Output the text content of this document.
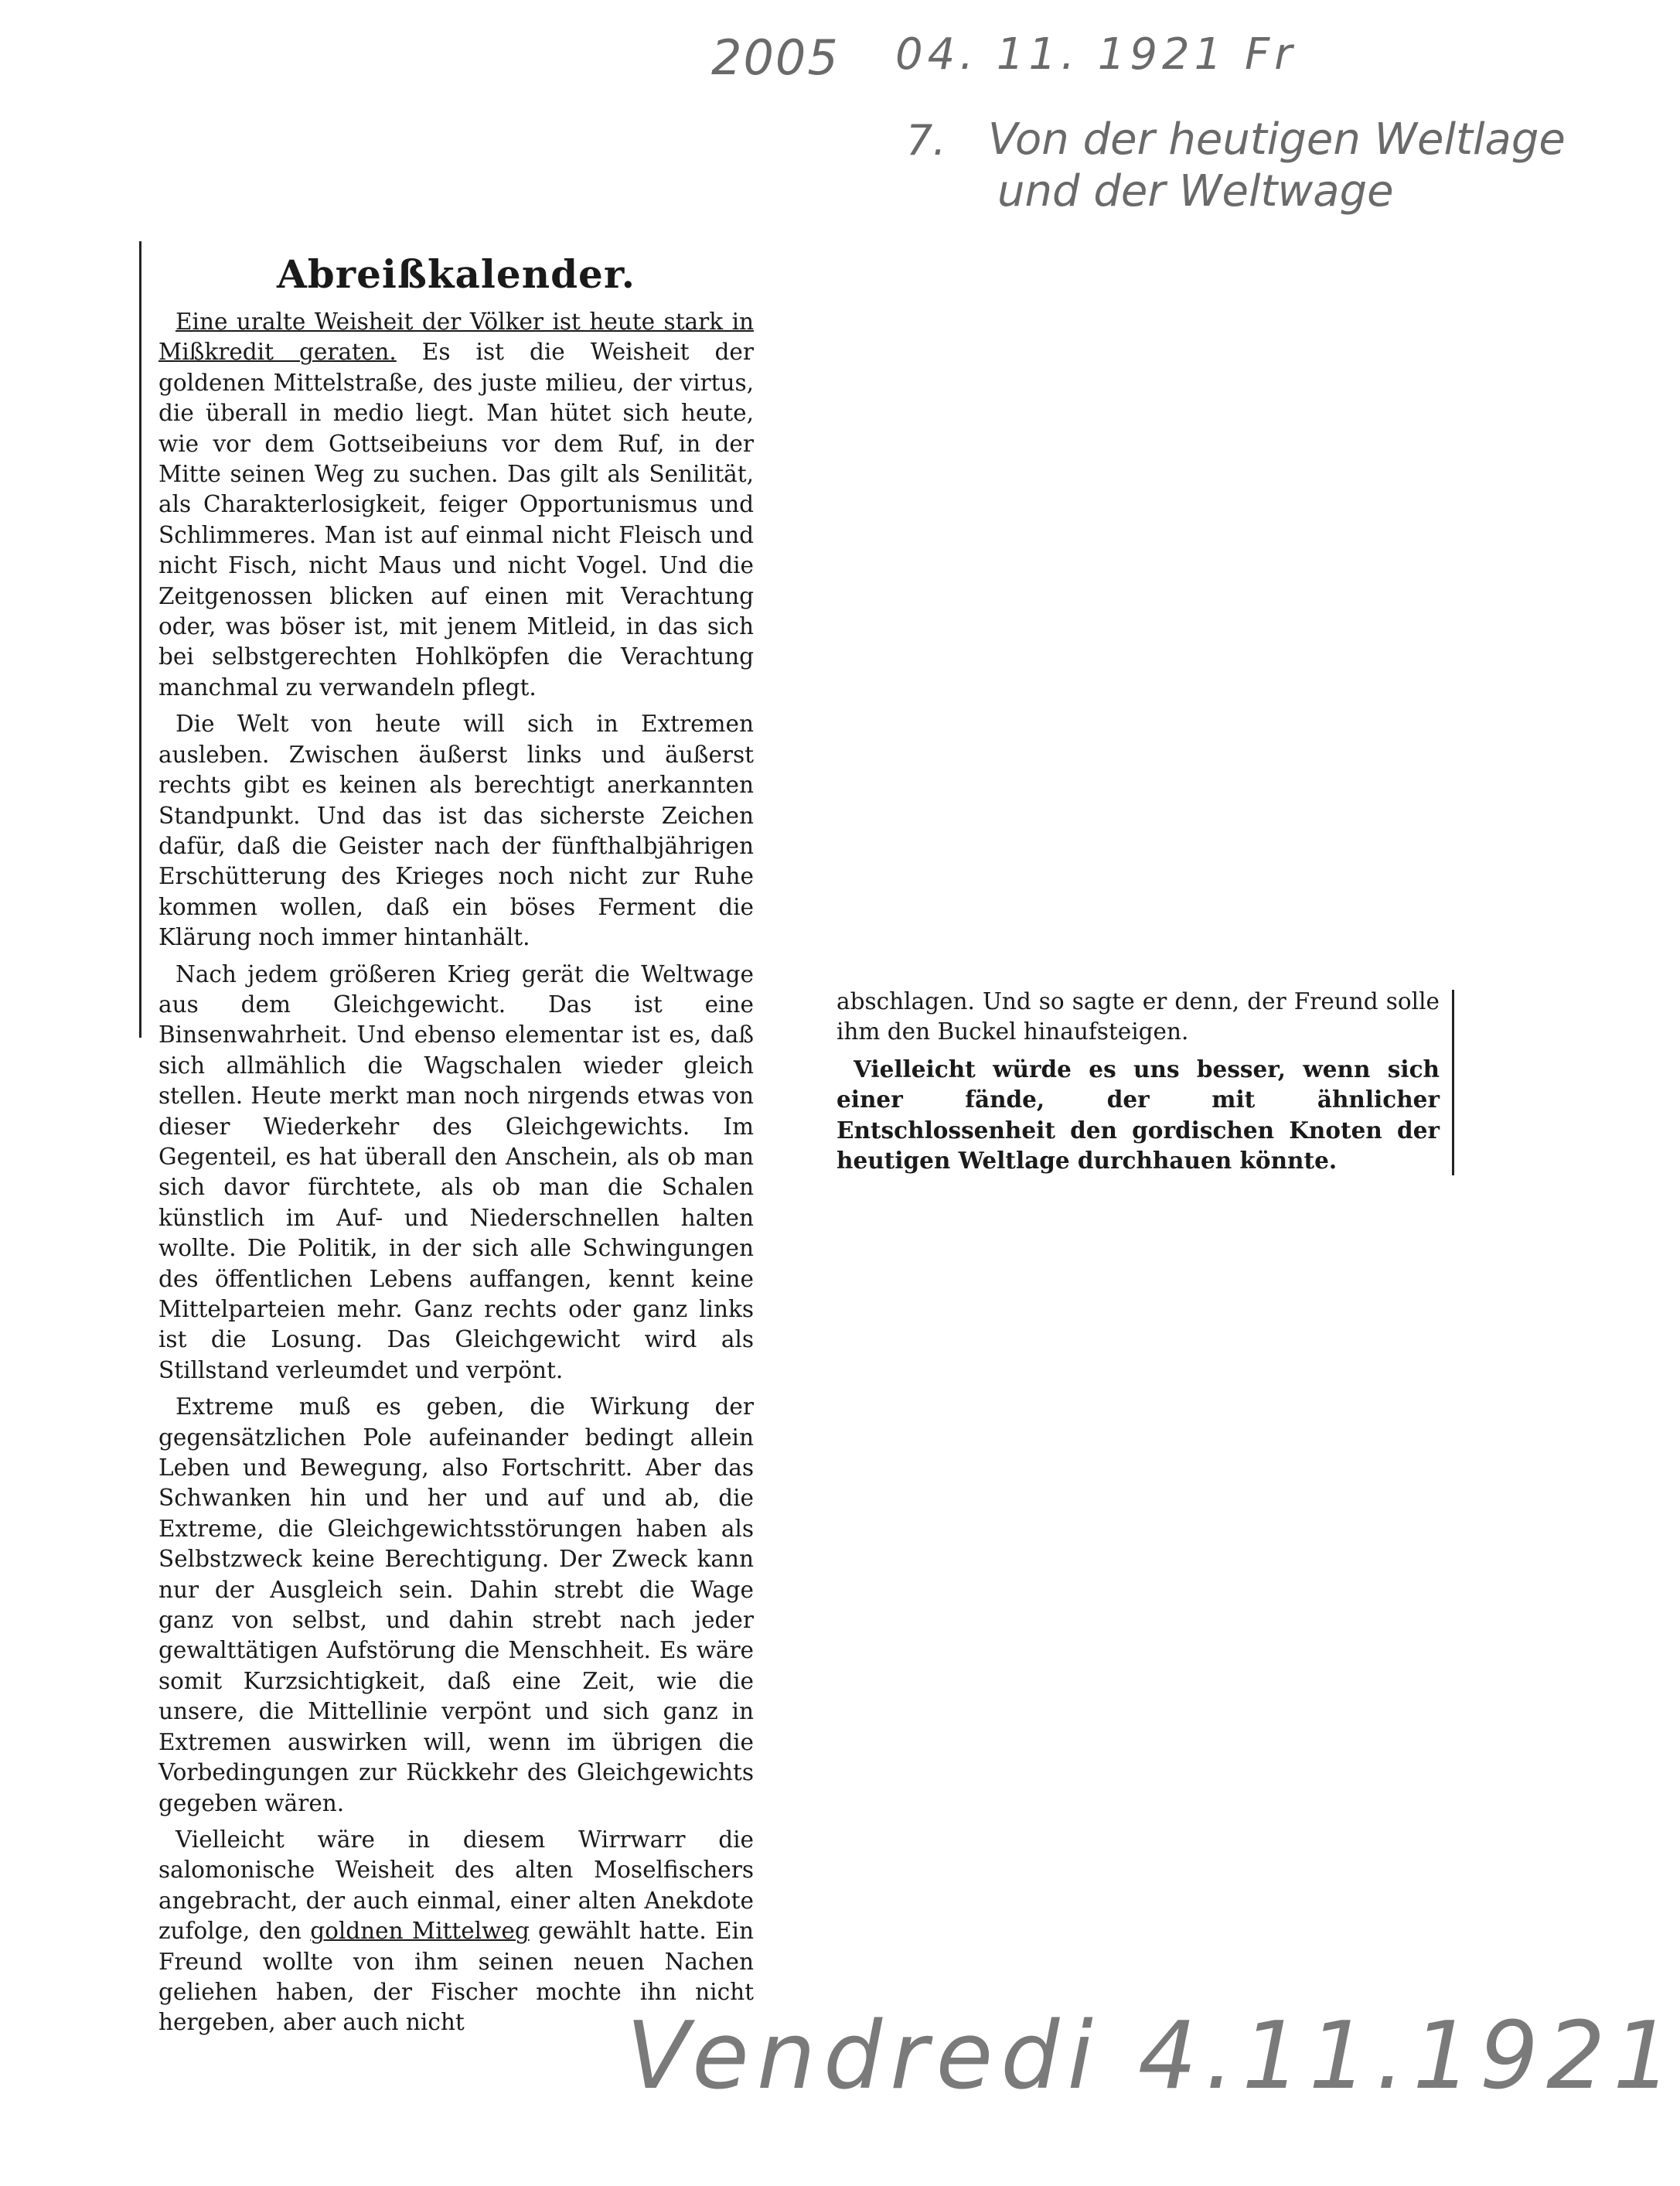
2005 04. 11. 1921 Fr
7. Von der heutigen Weltlage
und der Weltwage
Abreißkalender.

Eine uralte Weisheit der Völker ist heute stark in Mißkredit geraten. Es ist die Weisheit der goldenen Mittelstraße, des juste milieu, der virtus, die überall in medio liegt. Man hütet sich heute, wie vor dem Gottseibeiuns vor dem Ruf, in der Mitte seinen Weg zu suchen. Das gilt als Senilität, als Charakterlosigkeit, feiger Opportunismus und Schlimmeres. Man ist auf einmal nicht Fleisch und nicht Fisch, nicht Maus und nicht Vogel. Und die Zeitgenossen blicken auf einen mit Verachtung oder, was böser ist, mit jenem Mitleid, in das sich bei selbstgerechten Hohlköpfen die Verachtung manchmal zu verwandeln pflegt.

Die Welt von heute will sich in Extremen ausleben. Zwischen äußerst links und äußerst rechts gibt es keinen als berechtigt anerkannten Standpunkt. Und das ist das sicherste Zeichen dafür, daß die Geister nach der fünfthalbjährigen Erschütterung des Krieges noch nicht zur Ruhe kommen wollen, daß ein böses Ferment die Klärung noch immer hintanhält.

Nach jedem größeren Krieg gerät die Weltwage aus dem Gleichgewicht. Das ist eine Binsenwahrheit. Und ebenso elementar ist es, daß sich allmählich die Wagschalen wieder gleich stellen. Heute merkt man noch nirgends etwas von dieser Wiederkehr des Gleichgewichts. Im Gegenteil, es hat überall den Anschein, als ob man sich davor fürchtete, als ob man die Schalen künstlich im Auf- und Niederschnellen halten wollte. Die Politik, in der sich alle Schwingungen des öffentlichen Lebens auffangen, kennt keine Mittelparteien mehr. Ganz rechts oder ganz links ist die Losung. Das Gleichgewicht wird als Stillstand verleumdet und verpönt.

Extreme muß es geben, die Wirkung der gegensätzlichen Pole aufeinander bedingt allein Leben und Bewegung, also Fortschritt. Aber das Schwanken hin und her und auf und ab, die Extreme, die Gleichgewichtsstörungen haben als Selbstzweck keine Berechtigung. Der Zweck kann nur der Ausgleich sein. Dahin strebt die Wage ganz von selbst, und dahin strebt nach jeder gewalttätigen Aufstörung die Menschheit. Es wäre somit Kurzsichtigkeit, daß eine Zeit, wie die unsere, die Mittellinie verpönt und sich ganz in Extremen auswirken will, wenn im übrigen die Vorbedingungen zur Rückkehr des Gleichgewichts gegeben wären.

Vielleicht wäre in diesem Wirrwarr die salomonische Weisheit des alten Moselfischers angebracht, der auch einmal, einer alten Anekdote zufolge, den goldnen Mittelweg gewählt hatte. Ein Freund wollte von ihm seinen neuen Nachen geliehen haben, der Fischer mochte ihn nicht hergeben, aber auch nicht

abschlagen. Und so sagte er denn, der Freund solle ihm den Buckel hinaufsteigen.

Vielleicht würde es uns besser, wenn sich einer fände, der mit ähnlicher Entschlossenheit den gordischen Knoten der heutigen Weltlage durchhauen könnte.

Vendredi 4.11.1921
